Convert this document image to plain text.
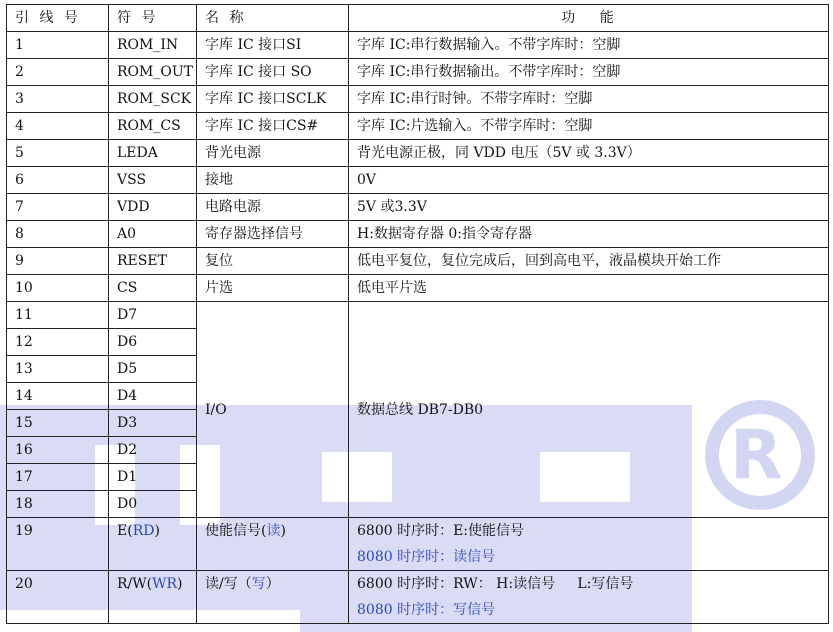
R
引 线 号	符 号	名 称	功 能
1	ROM_IN	字库 IC 接口SI	字库 IC:串行数据输入。不带字库时：空脚
2	ROM_OUT	字库 IC 接口 SO	字库 IC:串行数据输出。不带字库时：空脚
3	ROM_SCK	字库 IC 接口SCLK	字库 IC:串行时钟。不带字库时：空脚
4	ROM_CS	字库 IC 接口CS#	字库 IC:片选输入。不带字库时：空脚
5	LEDA	背光电源	背光电源正极，同 VDD 电压（5V 或 3.3V）
6	VSS	接地	0V
7	VDD	电路电源	5V 或3.3V
8	A0	寄存器选择信号	H:数据寄存器 0:指令寄存器
9	RESET	复位	低电平复位，复位完成后，回到高电平，液晶模块开始工作
10	CS	片选	低电平片选
11	D7	I/O	数据总线 DB7-DB0
12	D6		
13	D5		
14	D4		
15	D3		
16	D2		
17	D1		
18	D0		
19	E(RD)	使能信号(读)	6800 时序时：E:使能信号
8080 时序时：读信号

20	R/W(WR)	读/写（写）	6800 时序时：RW： H:读信号     L:写信号
8080 时序时：写信号
